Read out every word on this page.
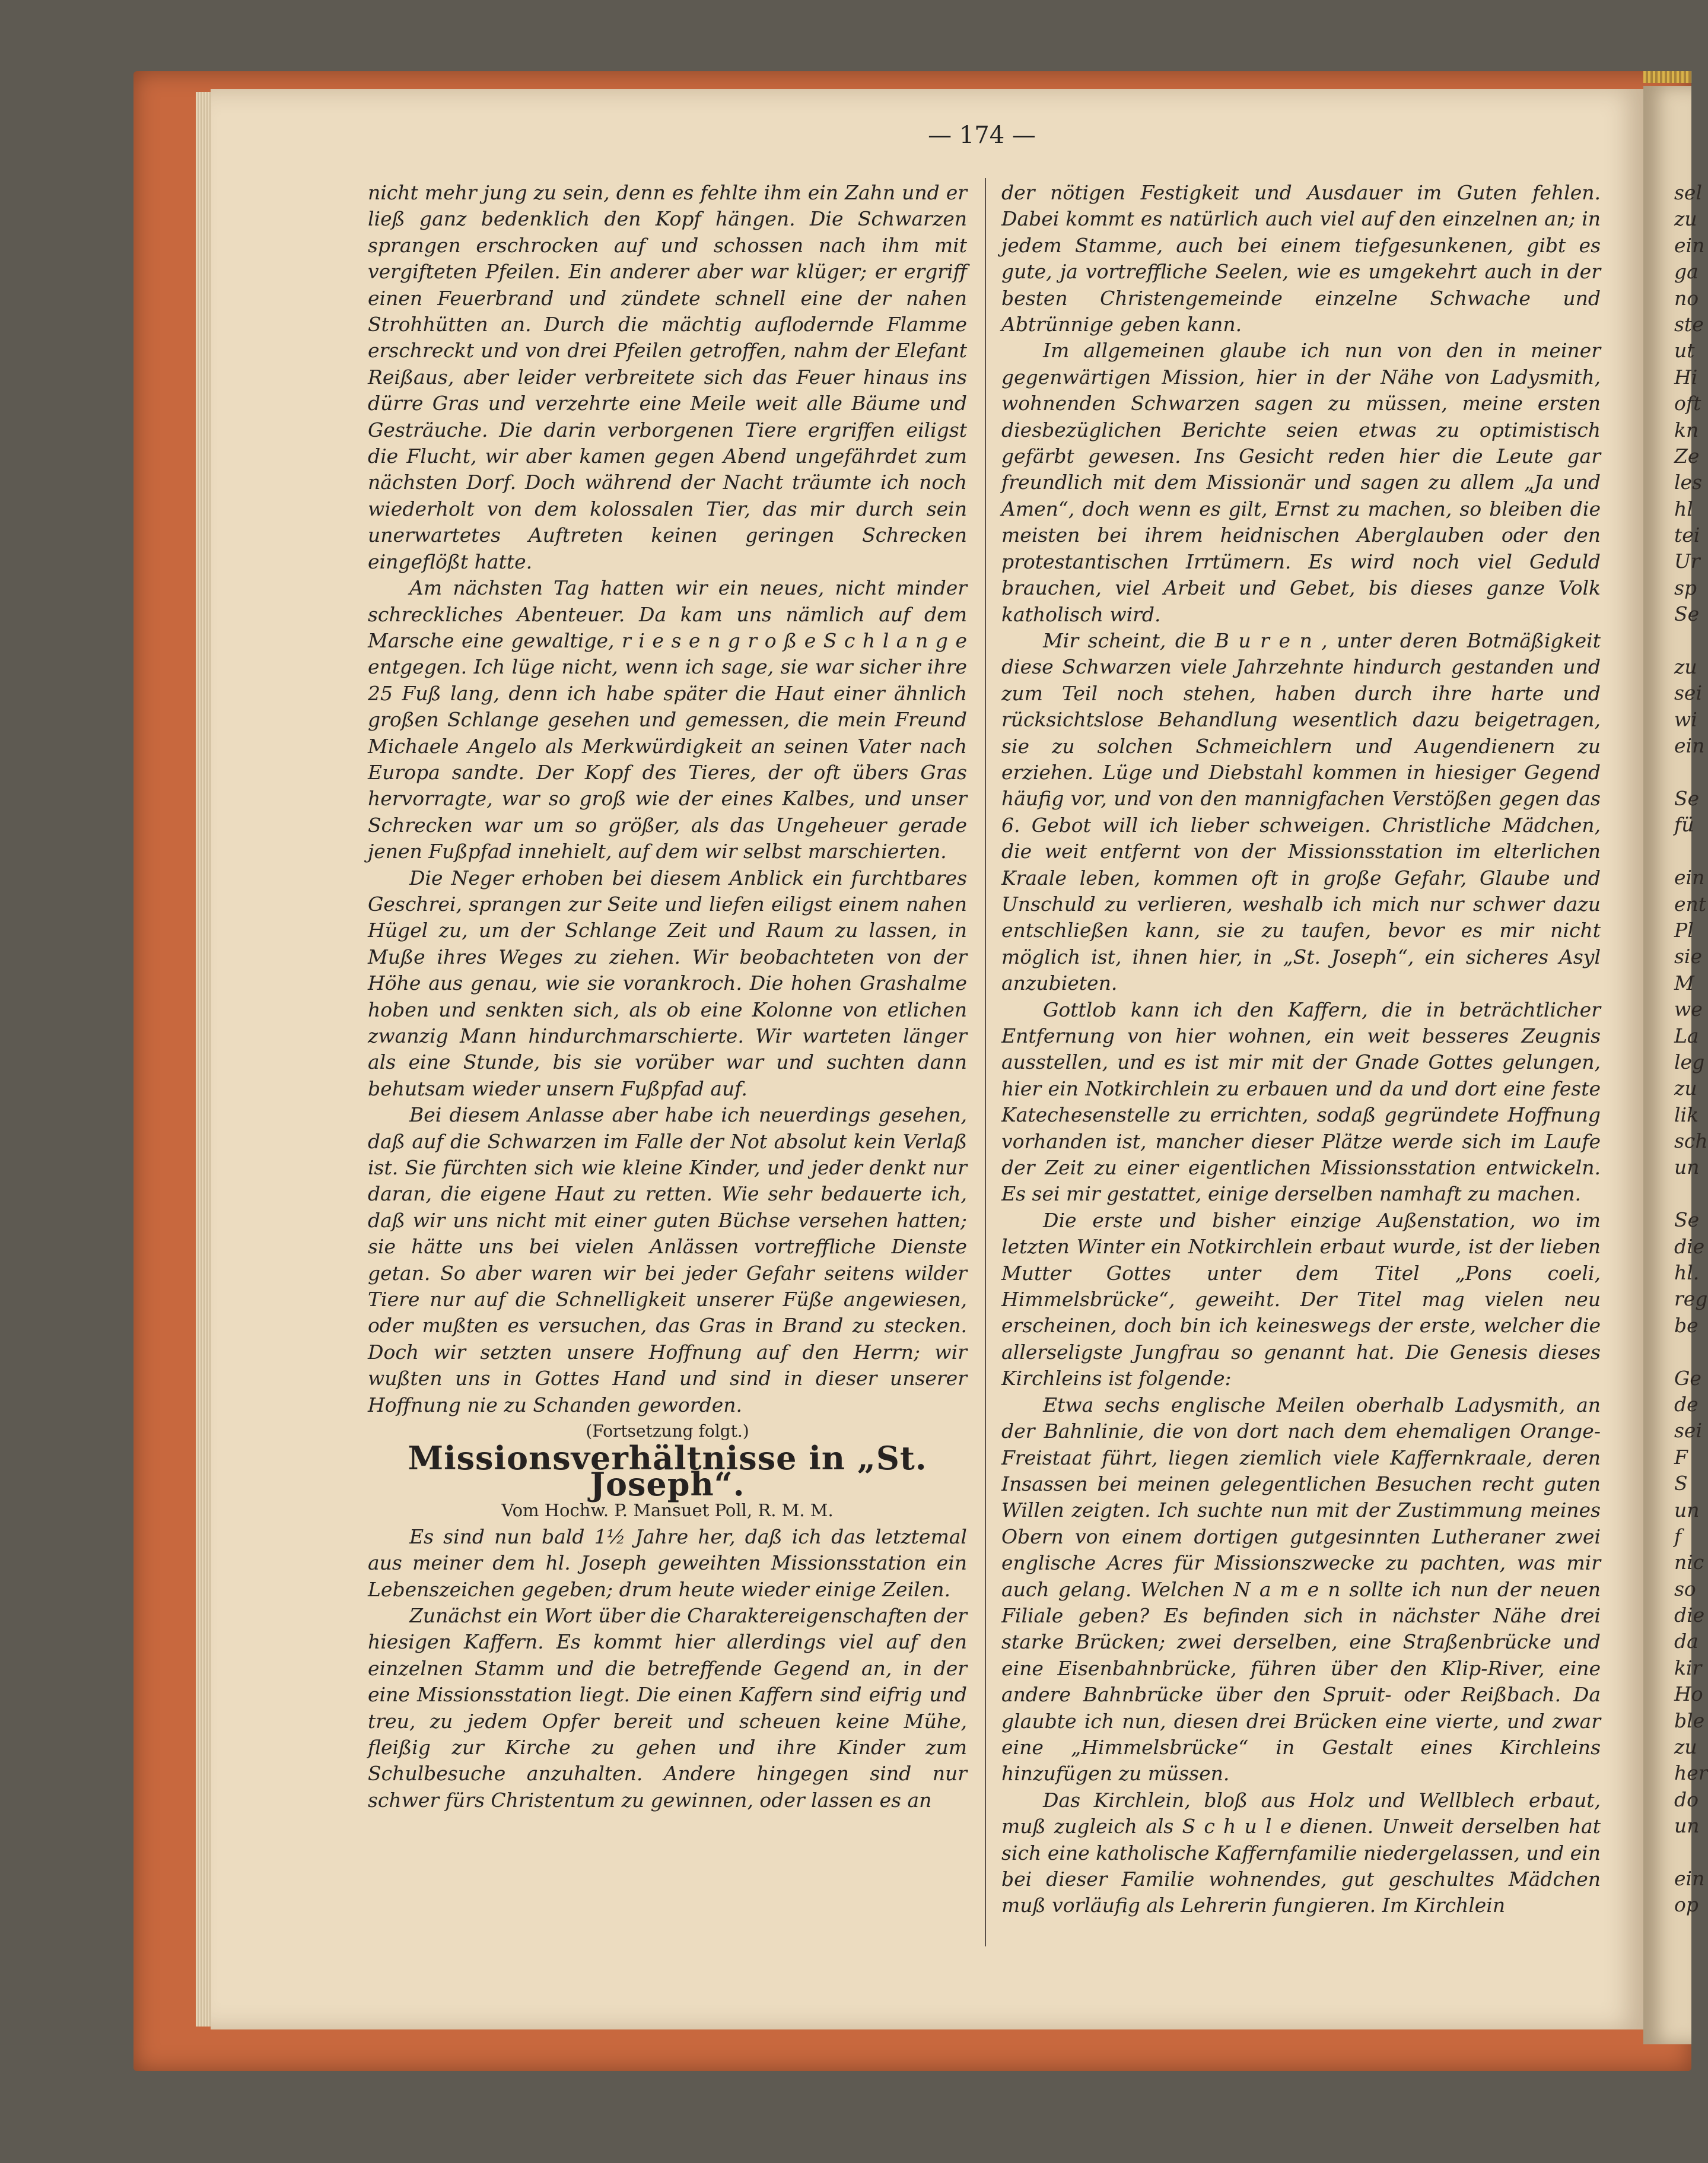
— 174 —

nicht mehr jung zu sein, denn es fehlte ihm ein Zahn und er ließ ganz bedenklich den Kopf hängen. Die Schwarzen sprangen erschrocken auf und schossen nach ihm mit vergifteten Pfeilen. Ein anderer aber war klüger; er ergriff einen Feuerbrand und zündete schnell eine der nahen Strohhütten an. Durch die mächtig auflodernde Flamme erschreckt und von drei Pfeilen getroffen, nahm der Elefant Reißaus, aber leider verbreitete sich das Feuer hinaus ins dürre Gras und verzehrte eine Meile weit alle Bäume und Gesträuche. Die darin verborgenen Tiere ergriffen eiligst die Flucht, wir aber kamen gegen Abend ungefährdet zum nächsten Dorf. Doch während der Nacht träumte ich noch wiederholt von dem kolossalen Tier, das mir durch sein unerwartetes Auftreten keinen geringen Schrecken eingeflößt hatte.

Am nächsten Tag hatten wir ein neues, nicht minder schreckliches Abenteuer. Da kam uns nämlich auf dem Marsche eine gewaltige, r i e s e n g r o ß e S c h l a n g e entgegen. Ich lüge nicht, wenn ich sage, sie war sicher ihre 25 Fuß lang, denn ich habe später die Haut einer ähnlich großen Schlange gesehen und gemessen, die mein Freund Michaele Angelo als Merkwürdigkeit an seinen Vater nach Europa sandte. Der Kopf des Tieres, der oft übers Gras hervorragte, war so groß wie der eines Kalbes, und unser Schrecken war um so größer, als das Ungeheuer gerade jenen Fußpfad innehielt, auf dem wir selbst marschierten.

Die Neger erhoben bei diesem Anblick ein furchtbares Geschrei, sprangen zur Seite und liefen eiligst einem nahen Hügel zu, um der Schlange Zeit und Raum zu lassen, in Muße ihres Weges zu ziehen. Wir beobachteten von der Höhe aus genau, wie sie vorankroch. Die hohen Grashalme hoben und senkten sich, als ob eine Kolonne von etlichen zwanzig Mann hindurchmarschierte. Wir warteten länger als eine Stunde, bis sie vorüber war und suchten dann behutsam wieder unsern Fußpfad auf.

Bei diesem Anlasse aber habe ich neuerdings gesehen, daß auf die Schwarzen im Falle der Not absolut kein Verlaß ist. Sie fürchten sich wie kleine Kinder, und jeder denkt nur daran, die eigene Haut zu retten. Wie sehr bedauerte ich, daß wir uns nicht mit einer guten Büchse versehen hatten; sie hätte uns bei vielen Anlässen vortreffliche Dienste getan. So aber waren wir bei jeder Gefahr seitens wilder Tiere nur auf die Schnelligkeit unserer Füße angewiesen, oder mußten es versuchen, das Gras in Brand zu stecken. Doch wir setzten unsere Hoffnung auf den Herrn; wir wußten uns in Gottes Hand und sind in dieser unserer Hoffnung nie zu Schanden geworden.

(Fortsetzung folgt.)

Missionsverhältnisse in „St. Joseph“.

Vom Hochw. P. Mansuet Poll, R. M. M.

Es sind nun bald 1½ Jahre her, daß ich das letztemal aus meiner dem hl. Joseph geweihten Missionsstation ein Lebenszeichen gegeben; drum heute wieder einige Zeilen.

Zunächst ein Wort über die Charaktereigenschaften der hiesigen Kaffern. Es kommt hier allerdings viel auf den einzelnen Stamm und die betreffende Gegend an, in der eine Missionsstation liegt. Die einen Kaffern sind eifrig und treu, zu jedem Opfer bereit und scheuen keine Mühe, fleißig zur Kirche zu gehen und ihre Kinder zum Schulbesuche anzuhalten. Andere hingegen sind nur schwer fürs Christentum zu gewinnen, oder lassen es an

der nötigen Festigkeit und Ausdauer im Guten fehlen. Dabei kommt es natürlich auch viel auf den einzelnen an; in jedem Stamme, auch bei einem tiefgesunkenen, gibt es gute, ja vortreffliche Seelen, wie es umgekehrt auch in der besten Christengemeinde einzelne Schwache und Abtrünnige geben kann.

Im allgemeinen glaube ich nun von den in meiner gegenwärtigen Mission, hier in der Nähe von Ladysmith, wohnenden Schwarzen sagen zu müssen, meine ersten diesbezüglichen Berichte seien etwas zu optimistisch gefärbt gewesen. Ins Gesicht reden hier die Leute gar freundlich mit dem Missionär und sagen zu allem „Ja und Amen“, doch wenn es gilt, Ernst zu machen, so bleiben die meisten bei ihrem heidnischen Aberglauben oder den protestantischen Irrtümern. Es wird noch viel Geduld brauchen, viel Arbeit und Gebet, bis dieses ganze Volk katholisch wird.

Mir scheint, die B u r e n , unter deren Botmäßigkeit diese Schwarzen viele Jahrzehnte hindurch gestanden und zum Teil noch stehen, haben durch ihre harte und rücksichtslose Behandlung wesentlich dazu beigetragen, sie zu solchen Schmeichlern und Augendienern zu erziehen. Lüge und Diebstahl kommen in hiesiger Gegend häufig vor, und von den mannigfachen Verstößen gegen das 6. Gebot will ich lieber schweigen. Christliche Mädchen, die weit entfernt von der Missionsstation im elterlichen Kraale leben, kommen oft in große Gefahr, Glaube und Unschuld zu verlieren, weshalb ich mich nur schwer dazu entschließen kann, sie zu taufen, bevor es mir nicht möglich ist, ihnen hier, in „St. Joseph“, ein sicheres Asyl anzubieten.

Gottlob kann ich den Kaffern, die in beträchtlicher Entfernung von hier wohnen, ein weit besseres Zeugnis ausstellen, und es ist mir mit der Gnade Gottes gelungen, hier ein Notkirchlein zu erbauen und da und dort eine feste Katechesenstelle zu errichten, sodaß gegründete Hoffnung vorhanden ist, mancher dieser Plätze werde sich im Laufe der Zeit zu einer eigentlichen Missionsstation entwickeln. Es sei mir gestattet, einige derselben namhaft zu machen.

Die erste und bisher einzige Außenstation, wo im letzten Winter ein Notkirchlein erbaut wurde, ist der lieben Mutter Gottes unter dem Titel „Pons coeli, Himmelsbrücke“, geweiht. Der Titel mag vielen neu erscheinen, doch bin ich keineswegs der erste, welcher die allerseligste Jungfrau so genannt hat. Die Genesis dieses Kirchleins ist folgende:

Etwa sechs englische Meilen oberhalb Ladysmith, an der Bahnlinie, die von dort nach dem ehemaligen Orange-Freistaat führt, liegen ziemlich viele Kaffernkraale, deren Insassen bei meinen gelegentlichen Besuchen recht guten Willen zeigten. Ich suchte nun mit der Zustimmung meines Obern von einem dortigen gutgesinnten Lutheraner zwei englische Acres für Missionszwecke zu pachten, was mir auch gelang. Welchen N a m e n sollte ich nun der neuen Filiale geben? Es befinden sich in nächster Nähe drei starke Brücken; zwei derselben, eine Straßenbrücke und eine Eisenbahnbrücke, führen über den Klip-River, eine andere Bahnbrücke über den Spruit- oder Reißbach. Da glaubte ich nun, diesen drei Brücken eine vierte, und zwar eine „Himmelsbrücke“ in Gestalt eines Kirchleins hinzufügen zu müssen.

Das Kirchlein, bloß aus Holz und Wellblech erbaut, muß zugleich als S c h u l e dienen. Unweit derselben hat sich eine katholische Kaffernfamilie niedergelassen, und ein bei dieser Familie wohnendes, gut geschultes Mädchen muß vorläufig als Lehrerin fungieren. Im Kirchlein

sel
zu
ein
ga
no
ste
ut
Hi
oft
kn
Ze
les
hl
tei
Ur
sp
Se
zu
sei
wi
ein
Se
fü
ein
ent
Pl
sie
M
we
La
leg
zu
lik
sch
un
Se
die
hl.
reg
be
Ge
de
sei
F
S
un
f
nic
so
die
da
kir
Ho
ble
zu
her
do
un
ein
op
